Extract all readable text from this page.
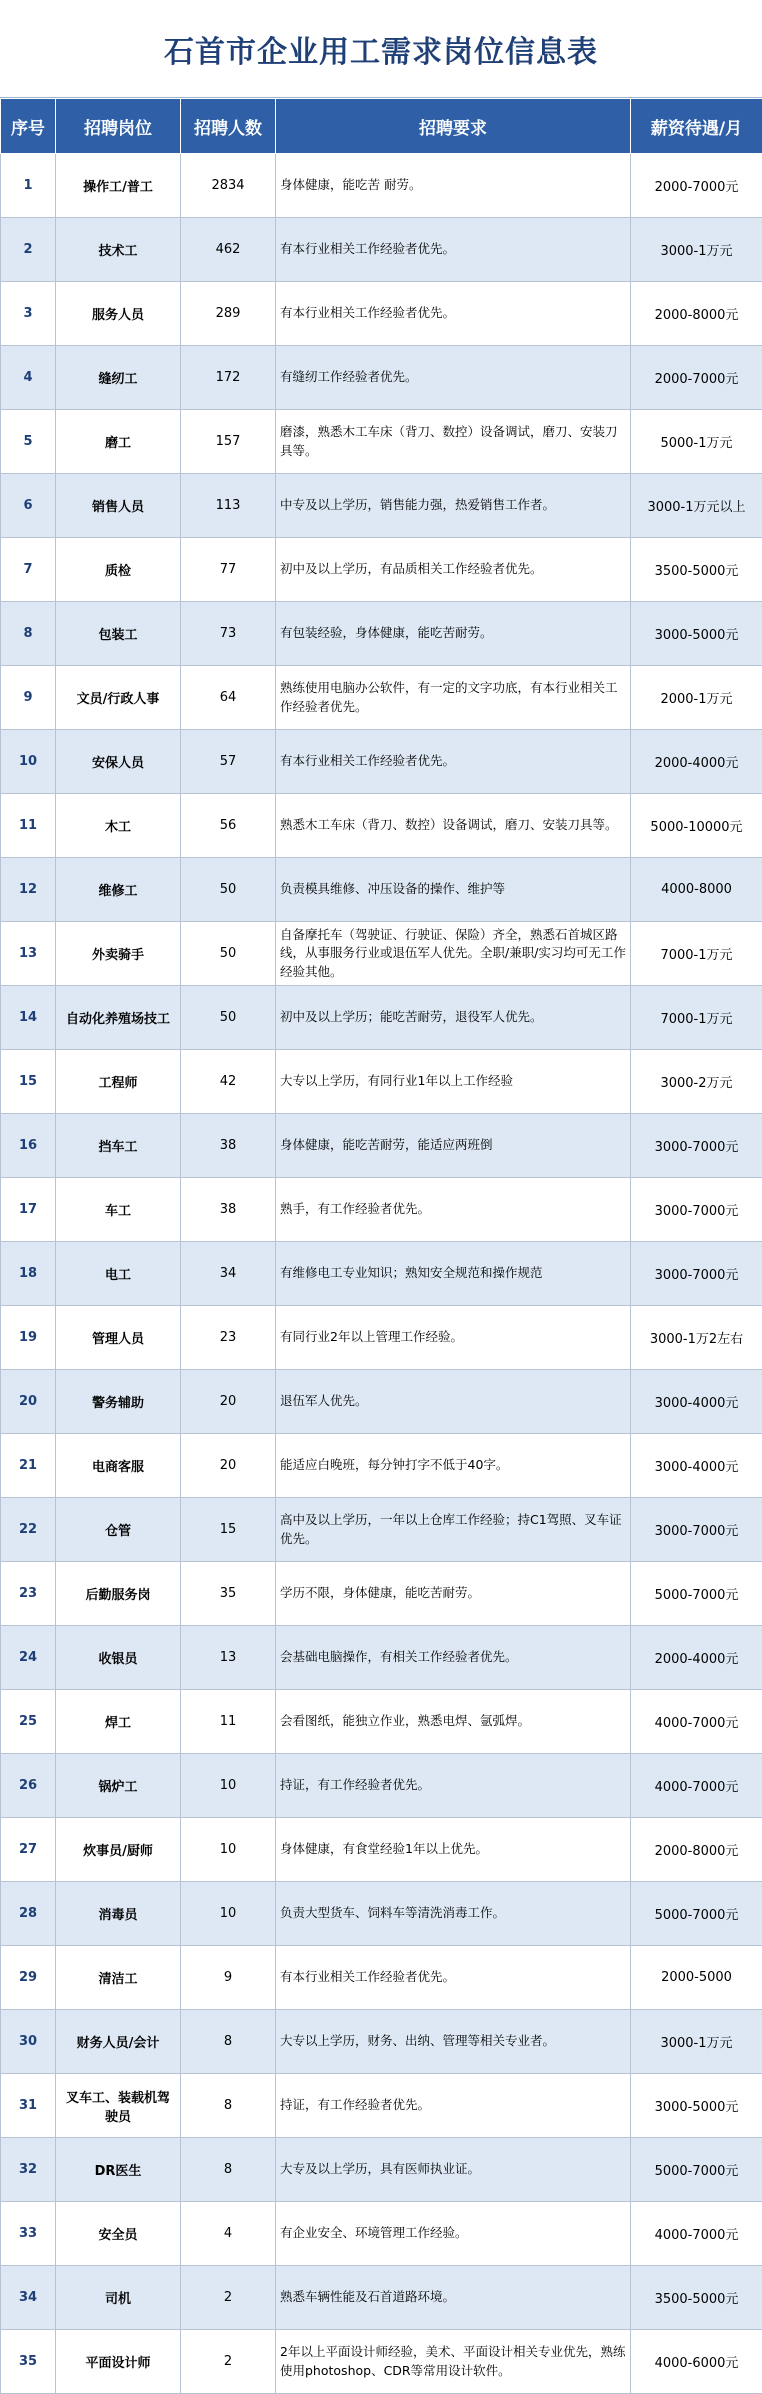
石首市企业用工需求岗位信息表
序号	招聘岗位	招聘人数	招聘要求	薪资待遇/月
1	操作工/普工	2834	身体健康，能吃苦 耐劳。	2000-7000元
2	技术工	462	有本行业相关工作经验者优先。	3000-1万元
3	服务人员	289	有本行业相关工作经验者优先。	2000-8000元
4	缝纫工	172	有缝纫工作经验者优先。	2000-7000元
5	磨工	157	磨漆，熟悉木工车床（背刀、数控）设备调试，磨刀、安装刀具等。	5000-1万元
6	销售人员	113	中专及以上学历，销售能力强，热爱销售工作者。	3000-1万元以上
7	质检	77	初中及以上学历，有品质相关工作经验者优先。	3500-5000元
8	包装工	73	有包装经验，身体健康，能吃苦耐劳。	3000-5000元
9	文员/行政人事	64	熟练使用电脑办公软件，有一定的文字功底，有本行业相关工作经验者优先。	2000-1万元
10	安保人员	57	有本行业相关工作经验者优先。	2000-4000元
11	木工	56	熟悉木工车床（背刀、数控）设备调试，磨刀、安装刀具等。	5000-10000元
12	维修工	50	负责模具维修、冲压设备的操作、维护等	4000-8000
13	外卖骑手	50	自备摩托车（驾驶证、行驶证、保险）齐全，熟悉石首城区路线，从事服务行业或退伍军人优先。全职/兼职/实习均可无工作经验其他。	7000-1万元
14	自动化养殖场技工	50	初中及以上学历；能吃苦耐劳，退役军人优先。	7000-1万元
15	工程师	42	大专以上学历，有同行业1年以上工作经验	3000-2万元
16	挡车工	38	身体健康，能吃苦耐劳，能适应两班倒	3000-7000元
17	车工	38	熟手，有工作经验者优先。	3000-7000元
18	电工	34	有维修电工专业知识；熟知安全规范和操作规范	3000-7000元
19	管理人员	23	有同行业2年以上管理工作经验。	3000-1万2左右
20	警务辅助	20	退伍军人优先。	3000-4000元
21	电商客服	20	能适应白晚班，每分钟打字不低于40字。	3000-4000元
22	仓管	15	高中及以上学历，一年以上仓库工作经验；持C1驾照、叉车证优先。	3000-7000元
23	后勤服务岗	35	学历不限，身体健康，能吃苦耐劳。	5000-7000元
24	收银员	13	会基础电脑操作，有相关工作经验者优先。	2000-4000元
25	焊工	11	会看图纸，能独立作业，熟悉电焊、氩弧焊。	4000-7000元
26	锅炉工	10	持证，有工作经验者优先。	4000-7000元
27	炊事员/厨师	10	身体健康，有食堂经验1年以上优先。	2000-8000元
28	消毒员	10	负责大型货车、饲料车等清洗消毒工作。	5000-7000元
29	清洁工	9	有本行业相关工作经验者优先。	2000-5000
30	财务人员/会计	8	大专以上学历，财务、出纳、管理等相关专业者。	3000-1万元
31	叉车工、装载机驾驶员	8	持证，有工作经验者优先。	3000-5000元
32	DR医生	8	大专及以上学历，具有医师执业证。	5000-7000元
33	安全员	4	有企业安全、环境管理工作经验。	4000-7000元
34	司机	2	熟悉车辆性能及石首道路环境。	3500-5000元
35	平面设计师	2	2年以上平面设计师经验，美术、平面设计相关专业优先，熟练使用photoshop、CDR等常用设计软件。	4000-6000元
